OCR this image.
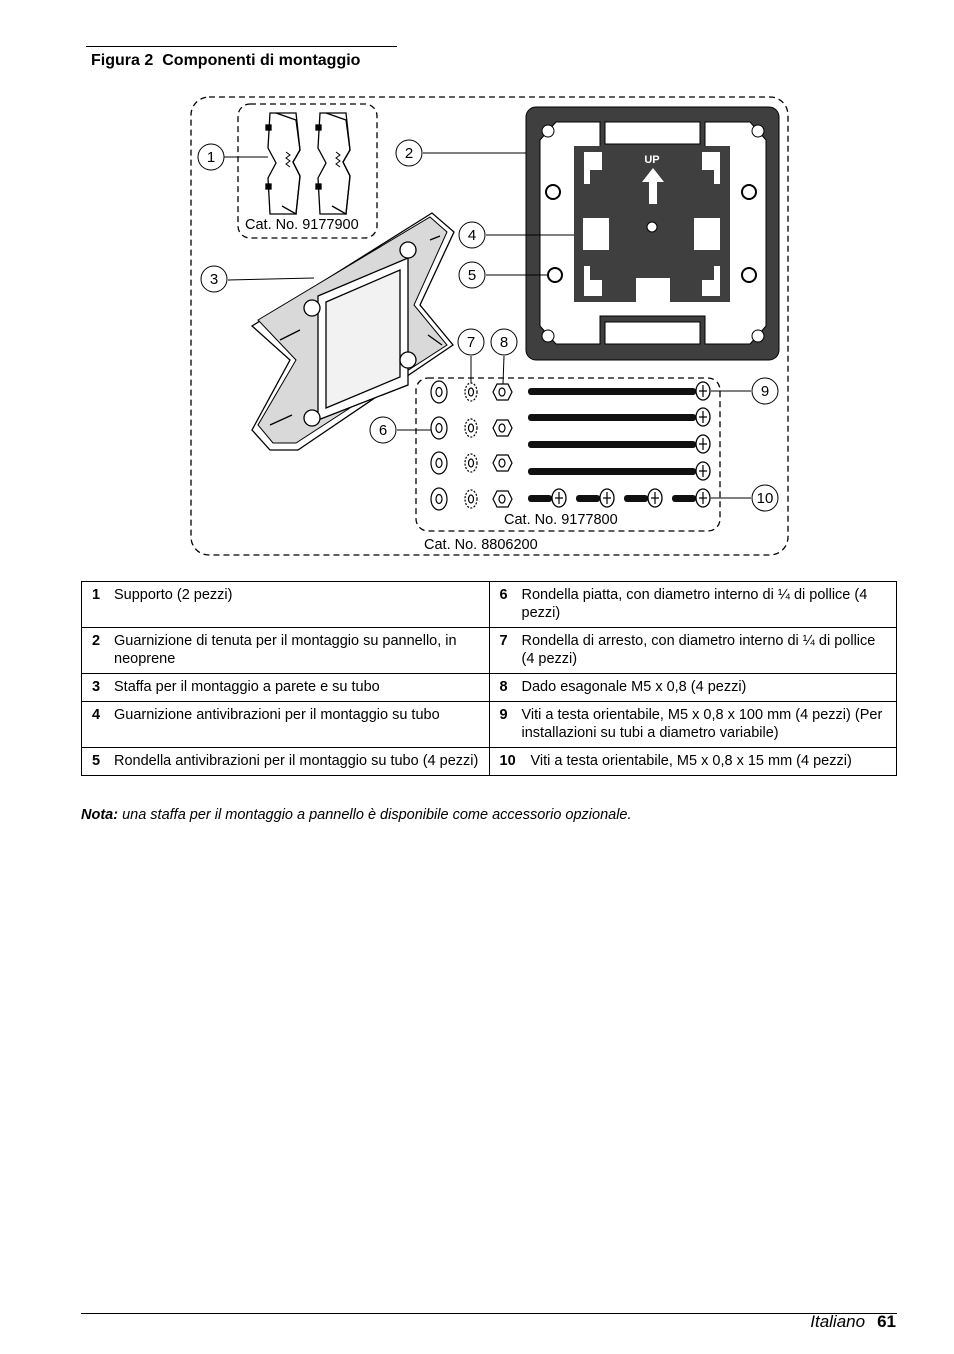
Figura 2 Componenti di montaggio
UP
1	2
3
4
5
6
7 8
9
10
Cat. No. 9177900
Cat. No. 9177800
Cat. No. 8806200
1 Supporto (2 pezzi)	6 Rondella piatta, con diametro interno di ¼ di pollice (4 pezzi)

2 Guarnizione di tenuta per il montaggio su pannello, in neoprene	7 Rondella di arresto, con diametro interno di ¼ di pollice (4 pezzi)

3 Staffa per il montaggio a parete e su tubo	8 Dado esagonale M5 x 0,8 (4 pezzi)

4 Guarnizione antivibrazioni per il montaggio su tubo	9 Viti a testa orientabile, M5 x 0,8 x 100 mm (4 pezzi) (Per installazioni su tubi a diametro variabile)

5 Rondella antivibrazioni per il montaggio su tubo (4 pezzi)	10 Viti a testa orientabile, M5 x 0,8 x 15 mm (4 pezzi)
Nota: una staffa per il montaggio a pannello è disponibile come accessorio opzionale.
Italiano 61
